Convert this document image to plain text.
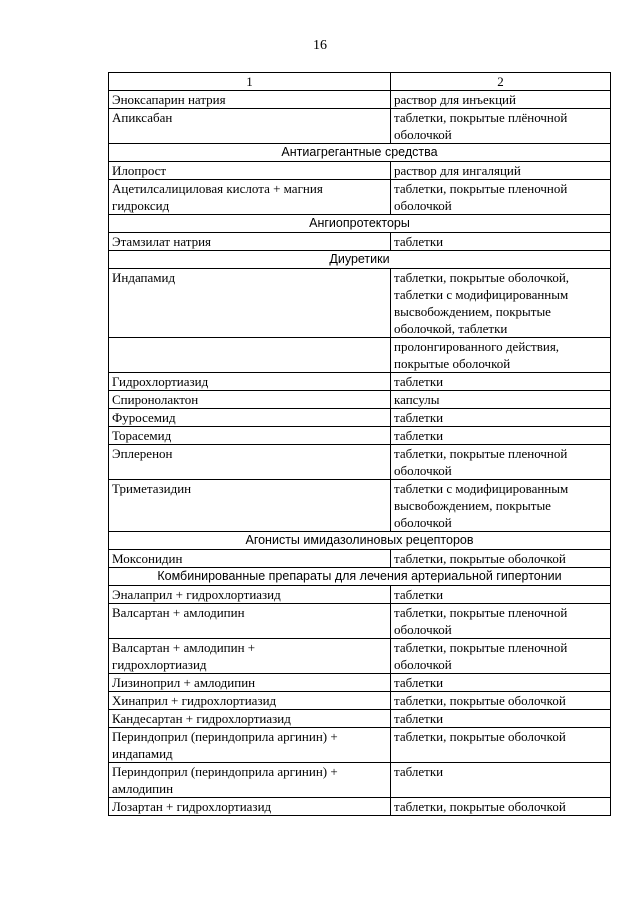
16
1	2

Эноксапарин натрия	раствор для инъекций

Апиксабан	таблетки, покрытые плёночной
оболочкой

Антиагрегантные средства	

Илопрост	раствор для ингаляций

Ацетилсалициловая кислота + магния
гидроксид	таблетки, покрытые пленочной
оболочкой

Ангиопротекторы	

Этамзилат натрия	таблетки

Диуретики	

Индапамид	таблетки, покрытые оболочкой,
таблетки с модифицированным
высвобождением, покрытые
оболочкой, таблетки

	пролонгированного действия,
покрытые оболочкой

Гидрохлортиазид	таблетки

Спиронолактон	капсулы

Фуросемид	таблетки

Торасемид	таблетки

Эплеренон	таблетки, покрытые пленочной
оболочкой

Триметазидин	таблетки с модифицированным
высвобождением, покрытые
оболочкой

Агонисты имидазолиновых рецепторов	

Моксонидин	таблетки, покрытые оболочкой

Комбинированные препараты для лечения артериальной гипертонии	

Эналаприл + гидрохлортиазид	таблетки

Валсартан + амлодипин	таблетки, покрытые пленочной
оболочкой

Валсартан + амлодипин +
гидрохлортиазид	таблетки, покрытые пленочной
оболочкой

Лизиноприл + амлодипин	таблетки

Хинаприл + гидрохлортиазид	таблетки, покрытые оболочкой

Кандесартан + гидрохлортиазид	таблетки

Периндоприл (периндоприла аргинин) +
индапамид	таблетки, покрытые оболочкой

Периндоприл (периндоприла аргинин) +
амлодипин	таблетки

Лозартан + гидрохлортиазид	таблетки, покрытые оболочкой
